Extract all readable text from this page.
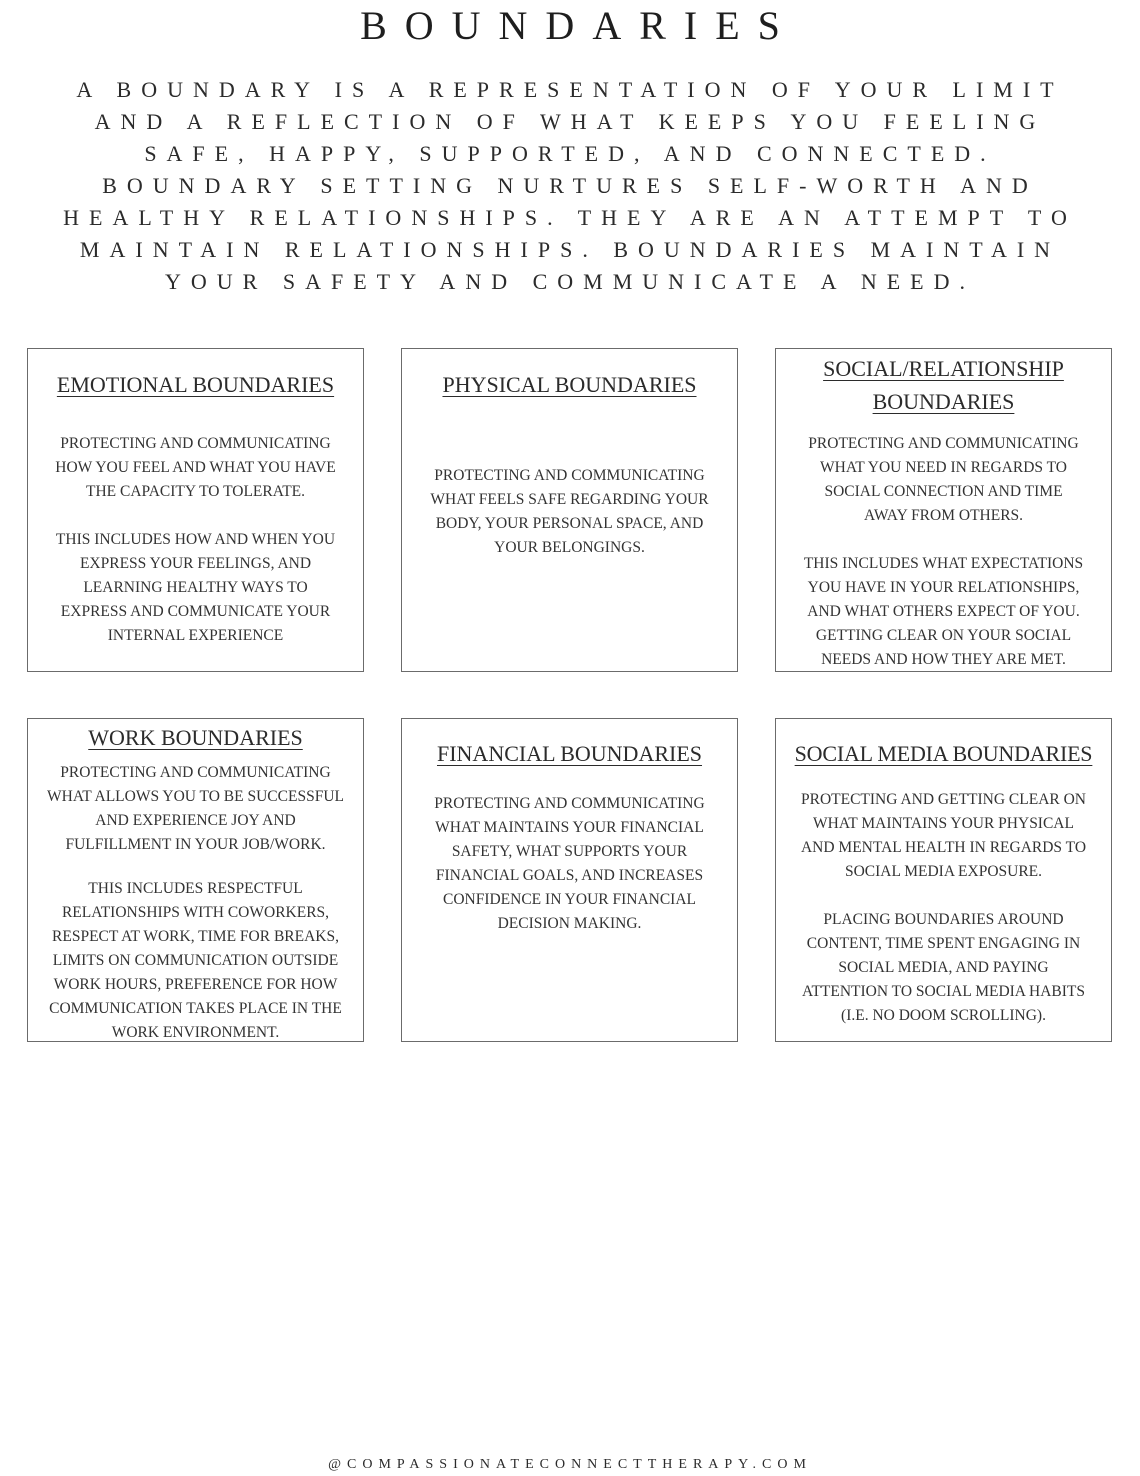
BOUNDARIES
A BOUNDARY IS A REPRESENTATION OF YOUR LIMIT
AND A REFLECTION OF WHAT KEEPS YOU FEELING
SAFE, HAPPY, SUPPORTED, AND CONNECTED.
BOUNDARY SETTING NURTURES SELF-WORTH AND
HEALTHY RELATIONSHIPS. THEY ARE AN ATTEMPT TO
MAINTAIN RELATIONSHIPS. BOUNDARIES MAINTAIN
YOUR SAFETY AND COMMUNICATE A NEED.
EMOTIONAL BOUNDARIES

PROTECTING AND COMMUNICATING
HOW YOU FEEL AND WHAT YOU HAVE
THE CAPACITY TO TOLERATE.

THIS INCLUDES HOW AND WHEN YOU
EXPRESS YOUR FEELINGS, AND
LEARNING HEALTHY WAYS TO
EXPRESS AND COMMUNICATE YOUR
INTERNAL EXPERIENCE

PHYSICAL BOUNDARIES

PROTECTING AND COMMUNICATING
WHAT FEELS SAFE REGARDING YOUR
BODY, YOUR PERSONAL SPACE, AND
YOUR BELONGINGS.

SOCIAL/RELATIONSHIP BOUNDARIES

PROTECTING AND COMMUNICATING
WHAT YOU NEED IN REGARDS TO
SOCIAL CONNECTION AND TIME
AWAY FROM OTHERS.

THIS INCLUDES WHAT EXPECTATIONS
YOU HAVE IN YOUR RELATIONSHIPS,
AND WHAT OTHERS EXPECT OF YOU.
GETTING CLEAR ON YOUR SOCIAL
NEEDS AND HOW THEY ARE MET.

WORK BOUNDARIES

PROTECTING AND COMMUNICATING
WHAT ALLOWS YOU TO BE SUCCESSFUL
AND EXPERIENCE JOY AND
FULFILLMENT IN YOUR JOB/WORK.

THIS INCLUDES RESPECTFUL
RELATIONSHIPS WITH COWORKERS,
RESPECT AT WORK, TIME FOR BREAKS,
LIMITS ON COMMUNICATION OUTSIDE
WORK HOURS, PREFERENCE FOR HOW
COMMUNICATION TAKES PLACE IN THE
WORK ENVIRONMENT.

FINANCIAL BOUNDARIES

PROTECTING AND COMMUNICATING
WHAT MAINTAINS YOUR FINANCIAL
SAFETY, WHAT SUPPORTS YOUR
FINANCIAL GOALS, AND INCREASES
CONFIDENCE IN YOUR FINANCIAL
DECISION MAKING.

SOCIAL MEDIA BOUNDARIES

PROTECTING AND GETTING CLEAR ON
WHAT MAINTAINS YOUR PHYSICAL
AND MENTAL HEALTH IN REGARDS TO
SOCIAL MEDIA EXPOSURE.

PLACING BOUNDARIES AROUND
CONTENT, TIME SPENT ENGAGING IN
SOCIAL MEDIA, AND PAYING
ATTENTION TO SOCIAL MEDIA HABITS
(I.E. NO DOOM SCROLLING).

@COMPASSIONATECONNECTTHERAPY.COM
